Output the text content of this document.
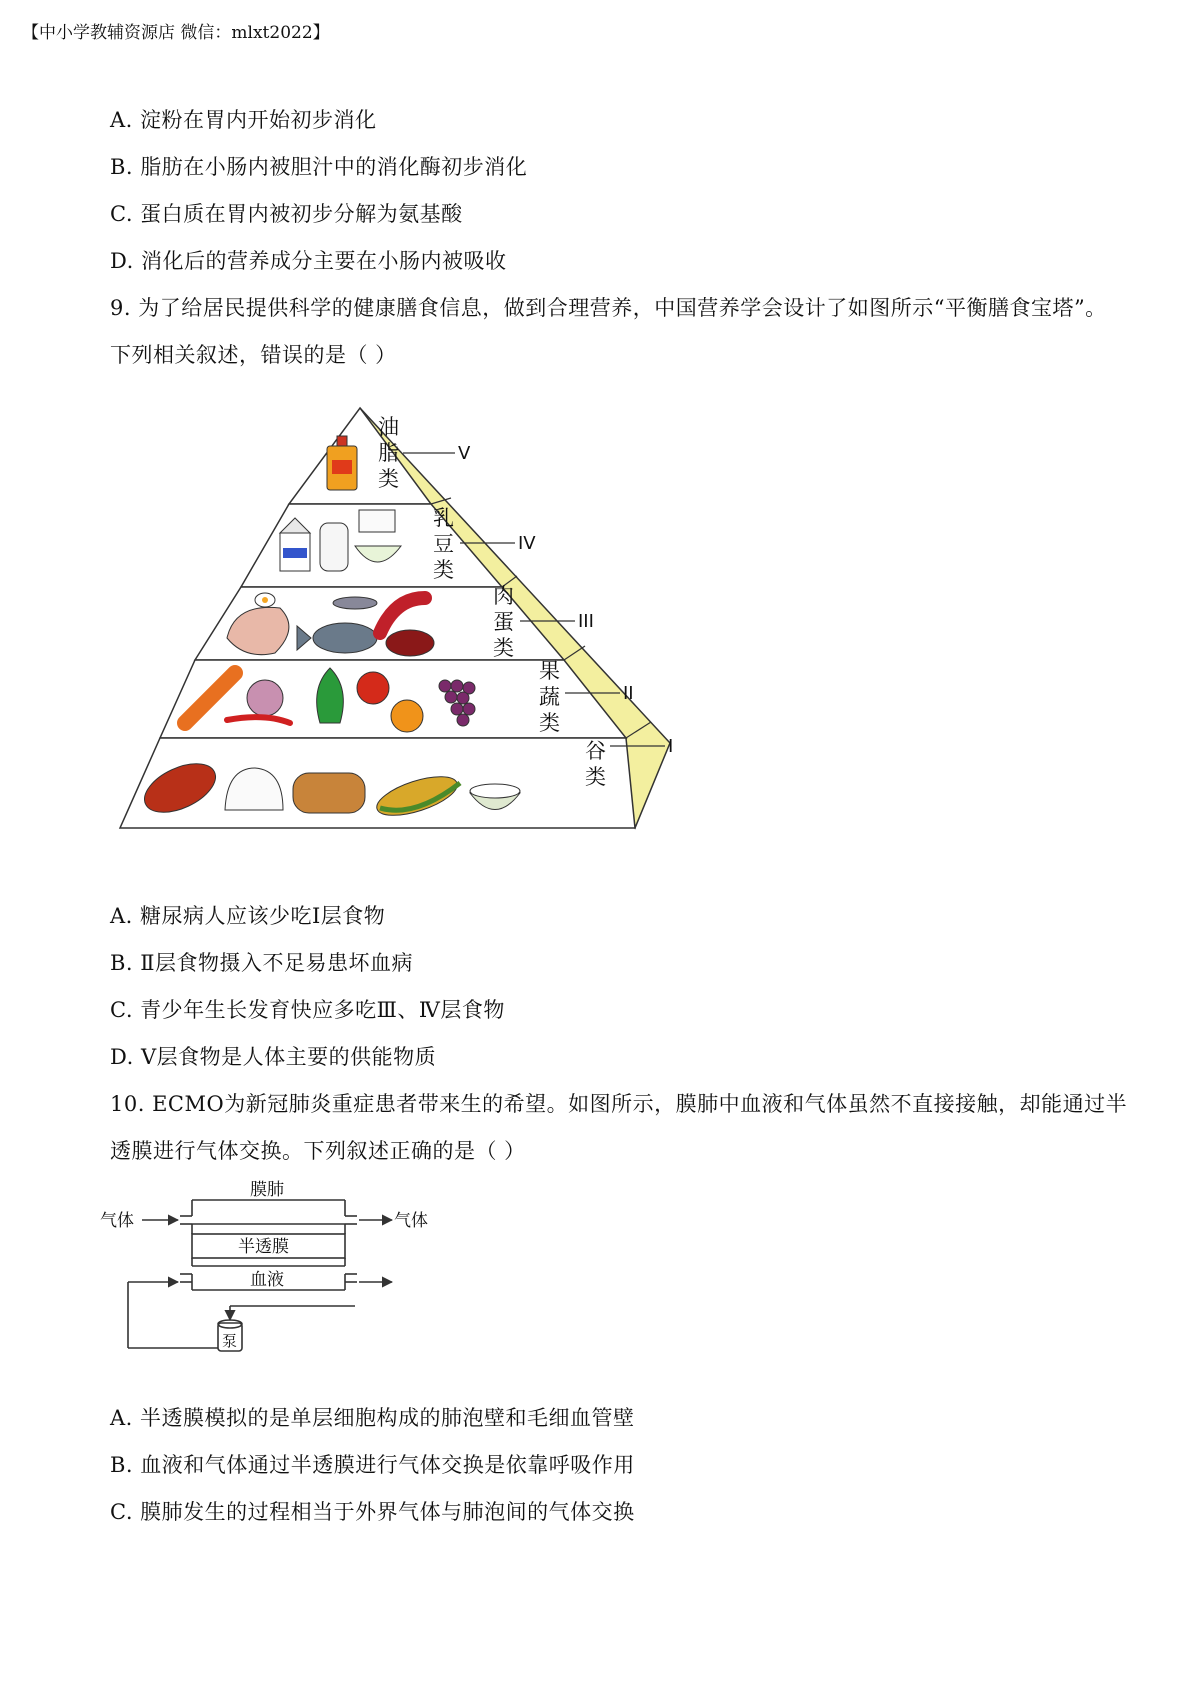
【中小学教辅资源店 微信：mlxt2022】
A. 淀粉在胃内开始初步消化
B. 脂肪在小肠内被胆汁中的消化酶初步消化
C. 蛋白质在胃内被初步分解为氨基酸
D. 消化后的营养成分主要在小肠内被吸收
9. 为了给居民提供科学的健康膳食信息，做到合理营养，中国营养学会设计了如图所示“平衡膳食宝塔”。
下列相关叙述，错误的是（ ）
油
脂
类
乳
豆
类
肉
蛋
类
果
蔬
类
谷
类
V
IV
III
II
I
A. 糖尿病人应该少吃Ⅰ层食物
B. Ⅱ层食物摄入不足易患坏血病
C. 青少年生长发育快应多吃Ⅲ、Ⅳ层食物
D. Ⅴ层食物是人体主要的供能物质
10. ECMO为新冠肺炎重症患者带来生的希望。如图所示，膜肺中血液和气体虽然不直接接触，却能通过半
透膜进行气体交换。下列叙述正确的是（ ）
膜肺
气体	气体
半透膜
血液
泵
A. 半透膜模拟的是单层细胞构成的肺泡壁和毛细血管壁
B. 血液和气体通过半透膜进行气体交换是依靠呼吸作用
C. 膜肺发生的过程相当于外界气体与肺泡间的气体交换
